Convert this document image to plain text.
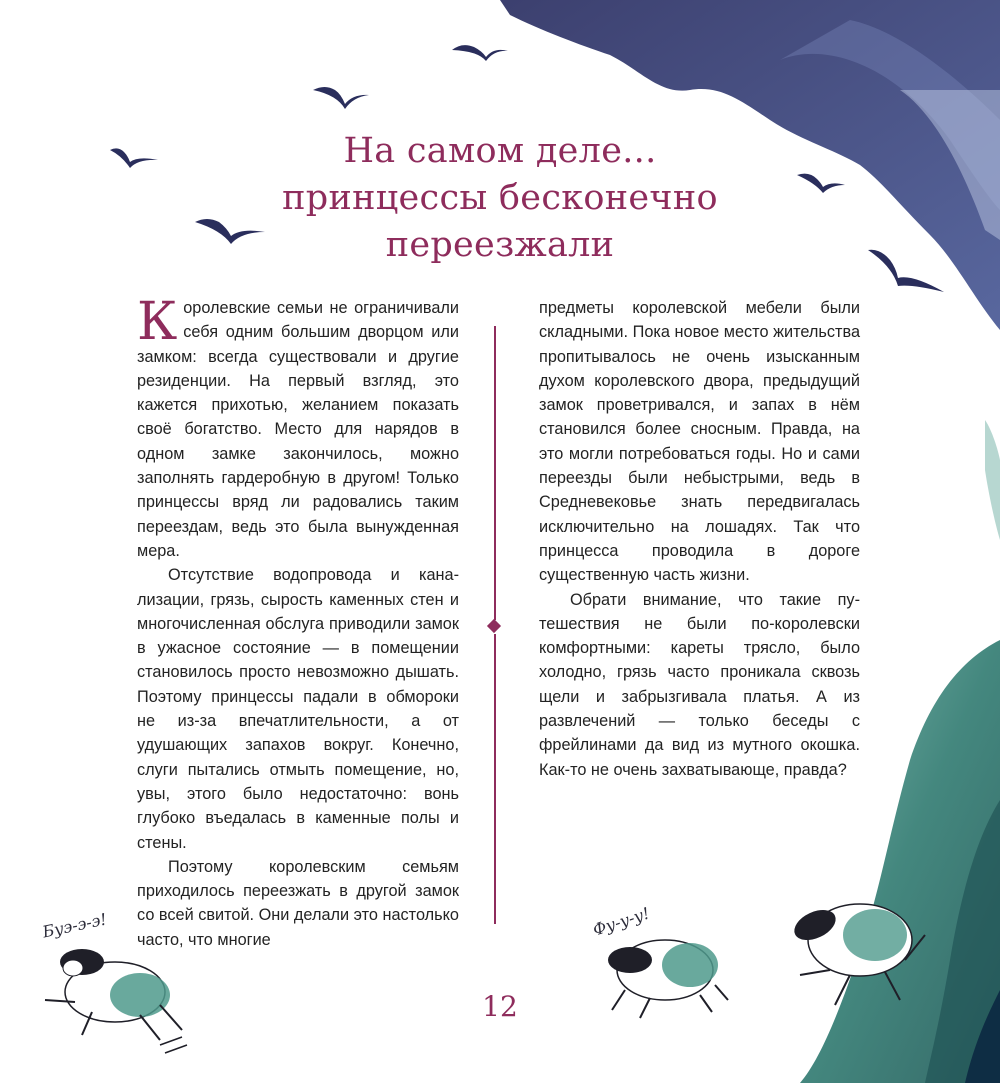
На самом деле...
принцессы бесконечно
переезжали

Королевские семьи не ограничивали себя одним большим дворцом или замком: всегда существовали и другие резиденции. На первый взгляд, это кажется прихотью, желанием показать своё богатство. Место для нарядов в одном замке закончилось, можно заполнять гардеробную в другом! Только принцессы вряд ли радовались таким переездам, ведь это была вынужденная мера.

Отсутствие водопровода и канализации, грязь, сырость каменных стен и многочисленная обслуга приводили замок в ужасное состояние — в помещении становилось просто невозможно дышать. Поэтому принцессы падали в обмороки не из-за впечатлительности, а от удушающих запахов вокруг. Конечно, слуги пытались отмыть помещение, но, увы, этого было недостаточно: вонь глубоко въедалась в каменные полы и стены.

Поэтому королевским семьям приходилось переезжать в другой замок со всей свитой. Они делали это настолько часто, что многие

предметы королевской мебели были складными. Пока новое место жительства пропитывалось не очень изысканным духом королевского двора, предыдущий замок проветривался, и запах в нём становился более сносным. Правда, на это могли потребоваться годы. Но и сами переезды были небыстрыми, ведь в Средневековье знать передвигалась исключительно на лошадях. Так что принцесса проводила в дороге существенную часть жизни.

Обрати внимание, что такие путешествия не были по-королевски комфортными: кареты трясло, было холодно, грязь часто проникала сквозь щели и забрызгивала платья. А из развлечений — только беседы с фрейлинами да вид из мутного окошка. Как-то не очень захватывающе, правда?

Буэ-э-э!	Фу-у-у!
12
